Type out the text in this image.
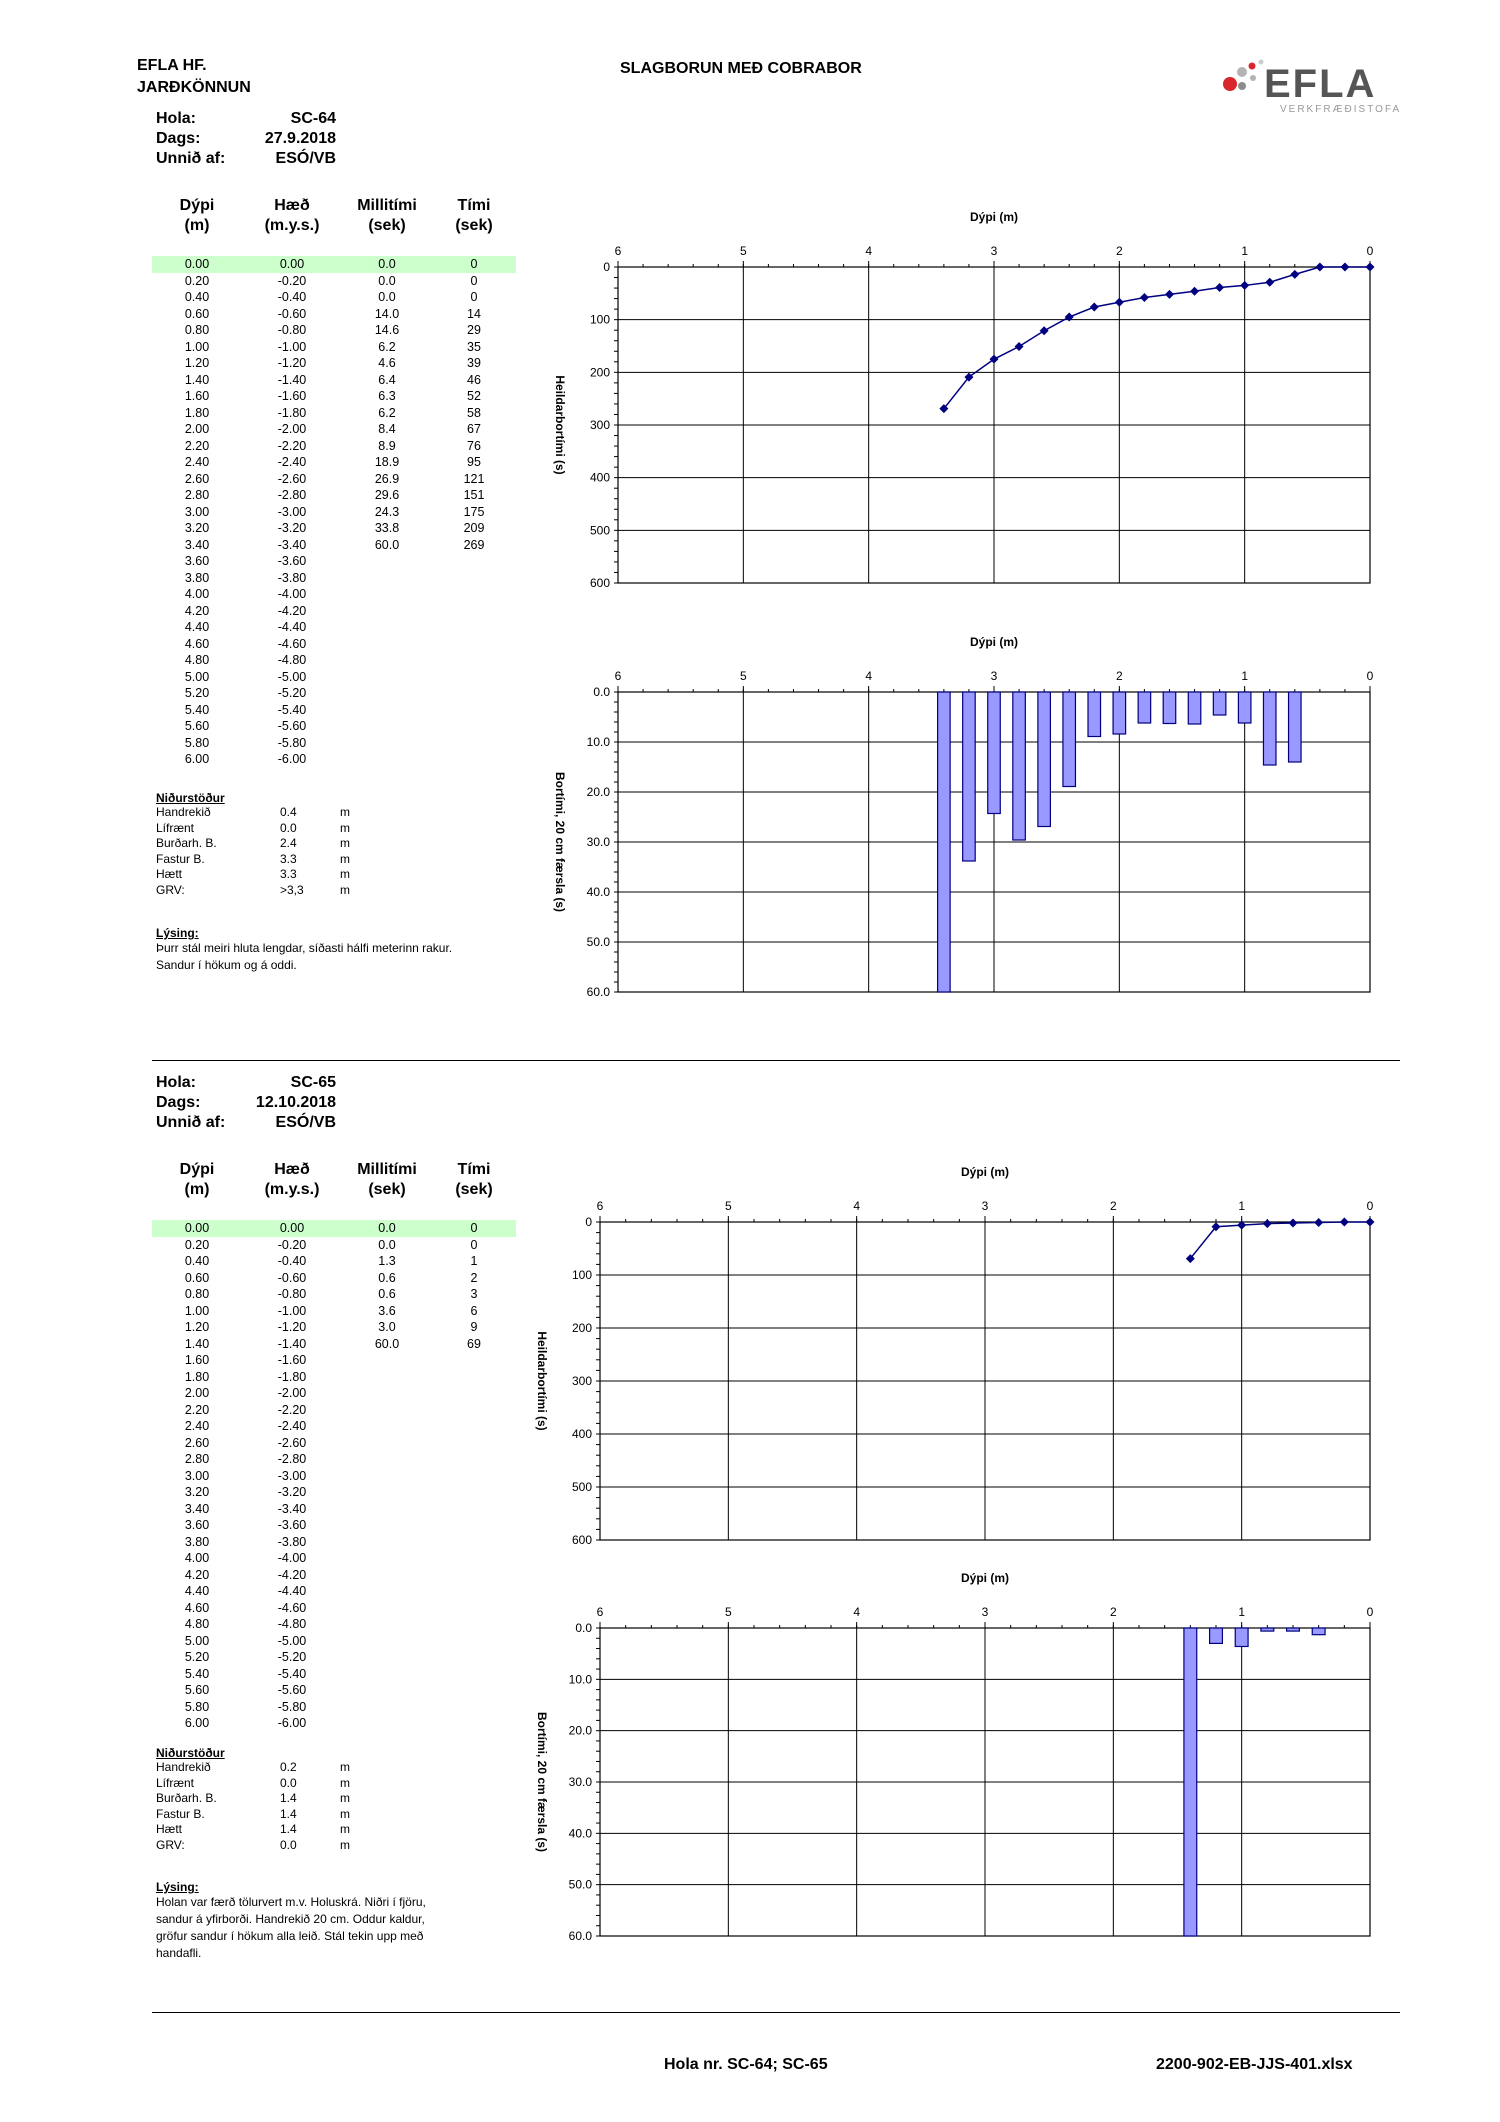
EFLA HF.
JARÐKÖNNUN
SLAGBORUN MEÐ COBRABOR	EFLA
VERKFRÆÐISTOFA
Hola:	SC-64
Dags:	27.9.2018
Unnið af:	ESÓ/VB
Dýpi
(m)
Hæð
(m.y.s.)
Millitími
(sek)
Tími
(sek)
0.00	0.00	0.0	0
0.20	-0.20	0.0	0
0.40	-0.40	0.0	0
0.60	-0.60	14.0	14
0.80	-0.80	14.6	29
1.00	-1.00	6.2	35
1.20	-1.20	4.6	39
1.40	-1.40	6.4	46
1.60	-1.60	6.3	52
1.80	-1.80	6.2	58
2.00	-2.00	8.4	67
2.20	-2.20	8.9	76
2.40	-2.40	18.9	95
2.60	-2.60	26.9	121
2.80	-2.80	29.6	151
3.00	-3.00	24.3	175
3.20	-3.20	33.8	209
3.40	-3.40	60.0	269
3.60	-3.60		
3.80	-3.80		
4.00	-4.00		
4.20	-4.20		
4.40	-4.40		
4.60	-4.60		
4.80	-4.80		
5.00	-5.00		
5.20	-5.20		
5.40	-5.40		
5.60	-5.60		
5.80	-5.80		
6.00	-6.00		
Niðurstöður
Handrekið	0.4	m
Lífrænt	0.0	m
Burðarh. B.	2.4	m
Fastur B.	3.3	m
Hætt	3.3	m
GRV:	>3,3	m
Lýsing:
Þurr stál meiri hluta lengdar, síðasti hálfi meterinn rakur.
Sandur í hökum og á oddi.
Dýpi (m)
Heildarbortími (s)
0
100
200
300
400
500
600
6	5	4	3	2	1	0
Dýpi (m)
Bortími, 20 cm færsla (s)
0.0
10.0
20.0
30.0
40.0
50.0
60.0
6	5	4	3	2	1	0
Hola:	SC-65
Dags:	12.10.2018
Unnið af:	ESÓ/VB
Dýpi
(m)
Hæð
(m.y.s.)
Millitími
(sek)
Tími
(sek)
0.00	0.00	0.0	0
0.20	-0.20	0.0	0
0.40	-0.40	1.3	1
0.60	-0.60	0.6	2
0.80	-0.80	0.6	3
1.00	-1.00	3.6	6
1.20	-1.20	3.0	9
1.40	-1.40	60.0	69
1.60	-1.60		
1.80	-1.80		
2.00	-2.00		
2.20	-2.20		
2.40	-2.40		
2.60	-2.60		
2.80	-2.80		
3.00	-3.00		
3.20	-3.20		
3.40	-3.40		
3.60	-3.60		
3.80	-3.80		
4.00	-4.00		
4.20	-4.20		
4.40	-4.40		
4.60	-4.60		
4.80	-4.80		
5.00	-5.00		
5.20	-5.20		
5.40	-5.40		
5.60	-5.60		
5.80	-5.80		
6.00	-6.00		
Niðurstöður
Handrekið	0.2	m
Lífrænt	0.0	m
Burðarh. B.	1.4	m
Fastur B.	1.4	m
Hætt	1.4	m
GRV:	0.0	m
Lýsing:
Holan var færð tölurvert m.v. Holuskrá. Niðri í fjöru,
sandur á yfirborði. Handrekið 20 cm. Oddur kaldur,
gröfur sandur í hökum alla leið. Stál tekin upp með
handafli.
Dýpi (m)
Heildarbortími (s)
0
100
200
300
400
500
600
6	5	4	3	2	1	0
Dýpi (m)
Bortími, 20 cm færsla (s)
0.0
10.0
20.0
30.0
40.0
50.0
60.0
6	5	4	3	2	1	0
Hola nr. SC-64; SC-65	2200-902-EB-JJS-401.xlsx
